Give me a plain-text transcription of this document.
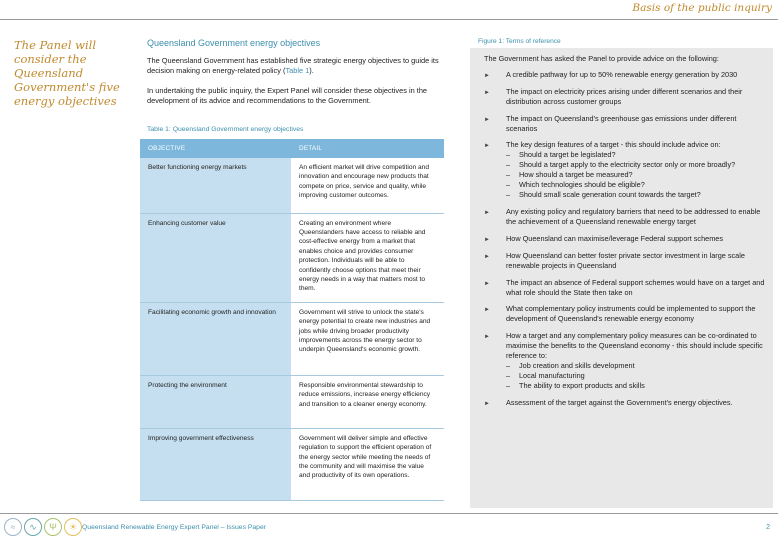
Basis of the public inquiry
The Panel will consider the Queensland Government's five energy objectives
Queensland Government energy objectives

The Queensland Government has established five strategic energy objectives to guide its decision making on energy-related policy (Table 1).

In undertaking the public inquiry, the Expert Panel will consider these objectives in the development of its advice and recommendations to the Government.

Table 1: Queensland Government energy objectives
OBJECTIVE	DETAIL
Better functioning energy markets	An efficient market will drive competition and innovation and encourage new products that compete on price, service and quality, while improving customer outcomes.
Enhancing customer value	Creating an environment where Queenslanders have access to reliable and cost-effective energy from a market that enables choice and provides consumer protection. Individuals will be able to confidently choose options that meet their energy needs in a way that matters most to them.
Facilitating economic growth and innovation	Government will strive to unlock the state's energy potential to create new industries and jobs while driving broader productivity improvements across the energy sector to underpin Queensland's economic growth.
Protecting the environment	Responsible environmental stewardship to reduce emissions, increase energy efficiency and transition to a cleaner energy economy.
Improving government effectiveness	Government will deliver simple and effective regulation to support the efficient operation of the energy sector while meeting the needs of the community and will maximise the value and productivity of its own operations.
Figure 1: Terms of reference

The Government has asked the Panel to provide advice on the following:

► A credible pathway for up to 50% renewable energy generation by 2030
► The impact on electricity prices arising under different scenarios and their distribution across customer groups
► The impact on Queensland's greenhouse gas emissions under different scenarios
► The key design features of a target - this should include advice on:
– Should a target be legislated?
– Should a target apply to the electricity sector only or more broadly?
– How should a target be measured?
– Which technologies should be eligible?
– Should small scale generation count towards the target?
► Any existing policy and regulatory barriers that need to be addressed to enable the achievement of a Queensland renewable energy target
► How Queensland can maximise/leverage Federal support schemes
► How Queensland can better foster private sector investment in large scale renewable projects in Queensland
► The impact an absence of Federal support schemes would have on a target and what role should the State then take on
► What complementary policy instruments could be implemented to support the development of Queensland's renewable energy economy
► How a target and any complementary policy measures can be co-ordinated to maximise the benefits to the Queensland economy - this should include specific reference to:
– Job creation and skills development
– Local manufacturing
– The ability to export products and skills
► Assessment of the target against the Government's energy objectives.
≈	∿	Ψ	☀ Queensland Renewable Energy Expert Panel – Issues Paper	2
